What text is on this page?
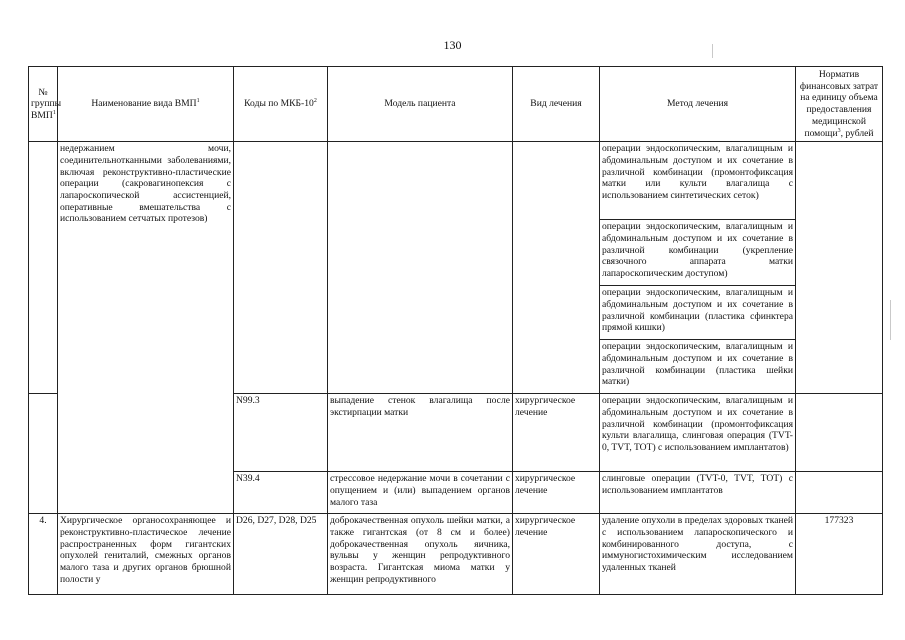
130
№ группы ВМП$^1$	Наименование вида ВМП$^1$	Коды по МКБ-$10^2$	Модель пациента	Вид лечения	Метод лечения	Норматив финансовых затрат на единицу объема предоставления медицинской помощи$^3$, рублей
	недержанием мочи, соединительнотканными заболеваниями, включая реконструктивно-пластические операции (сакровагинопексия с лапароскопической ассистенцией, оперативные вмешательства с использованием сетчатых протезов)				операции эндоскопическим, влагалищным и абдоминальным доступом и их сочетание в различной комбинации (промонтофиксация матки или культи влагалища с использованием синтетических сеток)	
					операции эндоскопическим, влагалищным и абдоминальным доступом и их сочетание в различной комбинации (укрепление связочного аппарата матки лапароскопическим доступом)	
					операции эндоскопическим, влагалищным и абдоминальным доступом и их сочетание в различной комбинации (пластика сфинктера прямой кишки)	
					операции эндоскопическим, влагалищным и абдоминальным доступом и их сочетание в различной комбинации (пластика шейки матки)	
		N99.3	выпадение стенок влагалища после экстирпации матки	хирургическое лечение	операции эндоскопическим, влагалищным и абдоминальным доступом и их сочетание в различной комбинации (промонтофиксация культи влагалища, слинговая операция (TVT-0, TVT, TOT) с использованием имплантатов)	
		N39.4	стрессовое недержание мочи в сочетании с опущением и (или) выпадением органов малого таза	хирургическое лечение	слинговые операции (TVT-0, TVT, TOT) с использованием имплантатов	

4.	Хирургическое органосохраняющее и реконструктивно-пластическое лечение распространенных форм гигантских опухолей гениталий, смежных органов малого таза и других органов брюшной полости у	D26, D27, D28, D25	доброкачественная опухоль шейки матки, а также гигантская (от 8 см и более) доброкачественная опухоль яичника, вульвы у женщин репродуктивного возраста. Гигантская миома матки у женщин репродуктивного	хирургическое лечение	удаление опухоли в пределах здоровых тканей с использованием лапароскопического и комбинированного доступа, с иммуногистохимическим исследованием удаленных тканей	177323
